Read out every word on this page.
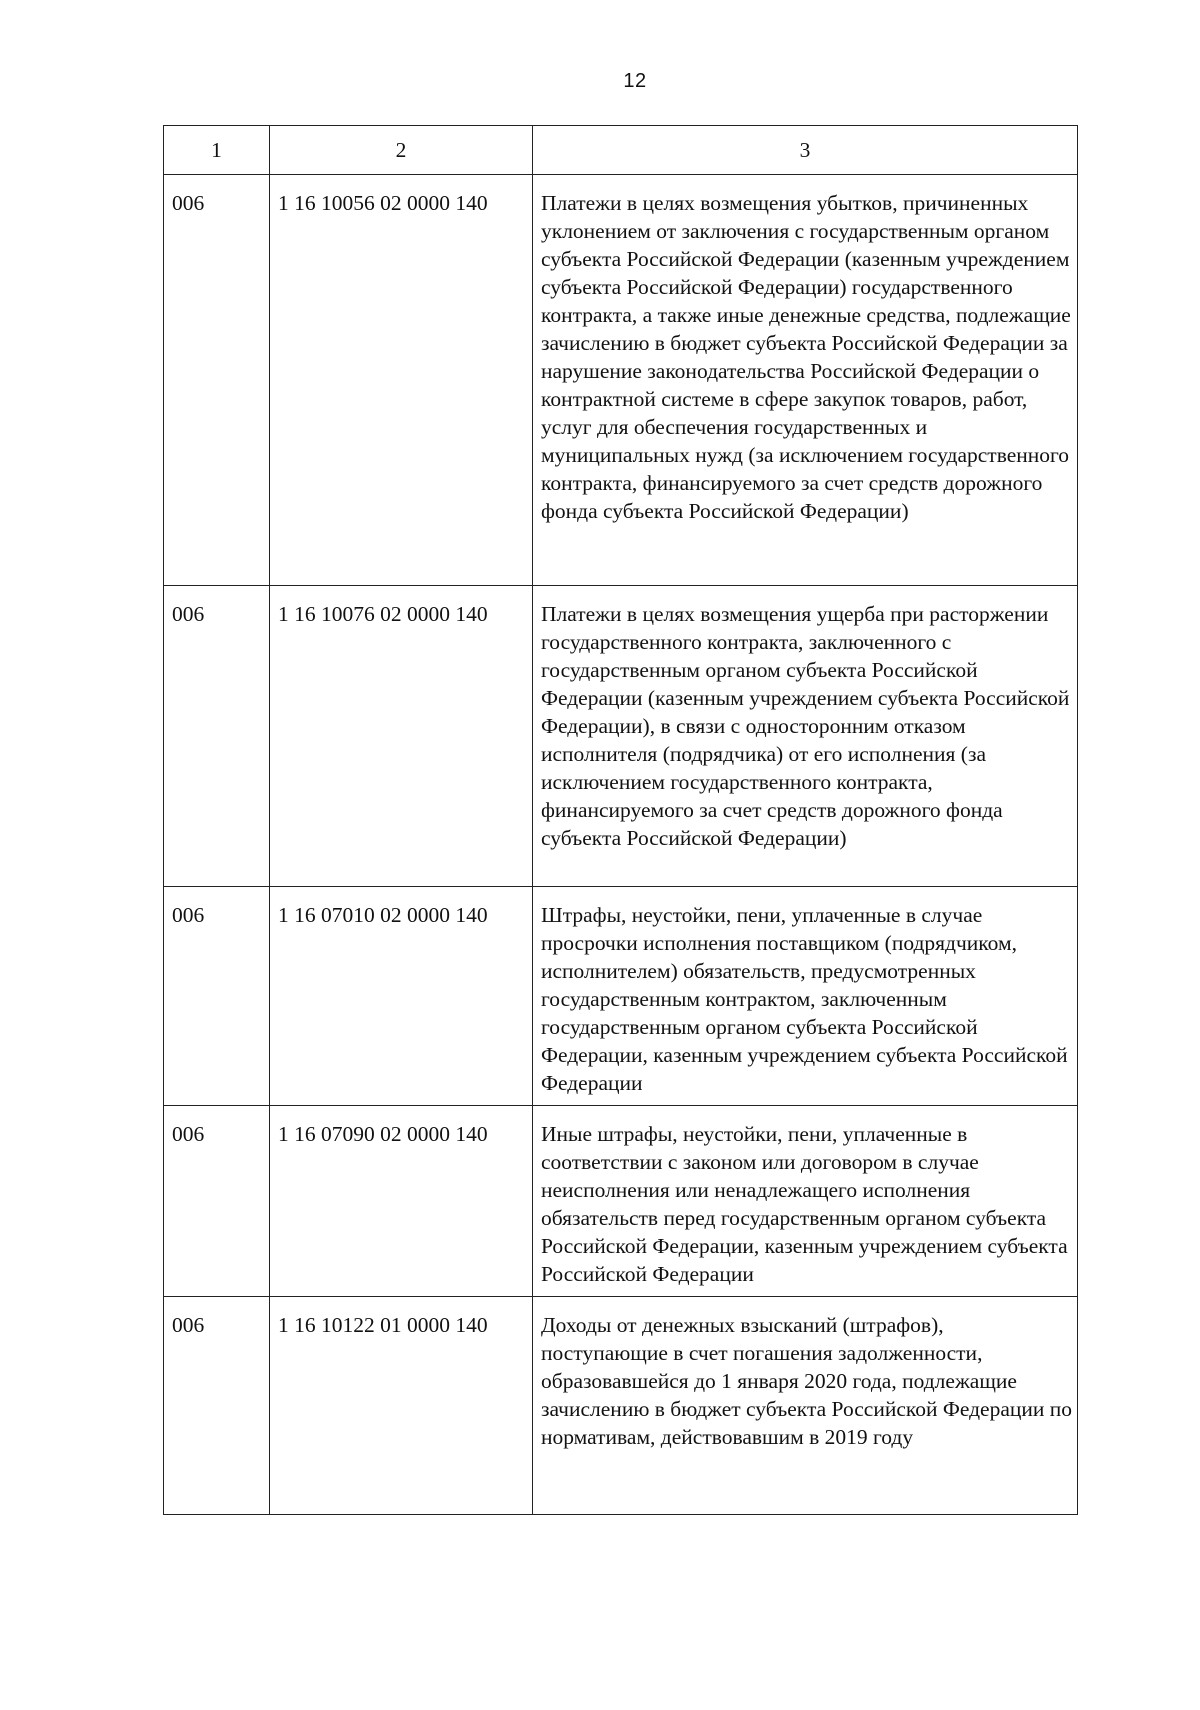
12
1	2	3
006	1 16 10056 02 0000 140	Платежи в целях возмещения убытков, причиненных уклонением от заключения с государственным органом субъекта Российской Федерации (казенным учреждением субъекта Российской Федерации) государственного контракта, а также иные денежные средства, подлежащие зачислению в бюджет субъекта Российской Федерации за нарушение законодательства Российской Федерации о контрактной системе в сфере закупок товаров, работ, услуг для обеспечения государственных и муниципальных нужд (за исключением государственного контракта, финансируемого за счет средств дорожного фонда субъекта Российской Федерации)
006	1 16 10076 02 0000 140	Платежи в целях возмещения ущерба при расторжении государственного контракта, заключенного с государственным органом субъекта Российской Федерации (казенным учреждением субъекта Российской Федерации), в связи с односторонним отказом исполнителя (подрядчика) от его исполнения (за исключением государственного контракта, финансируемого за счет средств дорожного фонда субъекта Российской Федерации)
006	1 16 07010 02 0000 140	Штрафы, неустойки, пени, уплаченные в случае просрочки исполнения поставщиком (подрядчиком, исполнителем) обязательств, предусмотренных государственным контрактом, заключенным государственным органом субъекта Российской Федерации, казенным учреждением субъекта Российской Федерации
006	1 16 07090 02 0000 140	Иные штрафы, неустойки, пени, уплаченные в соответствии с законом или договором в случае неисполнения или ненадлежащего исполнения обязательств перед государственным органом субъекта Российской Федерации, казенным учреждением субъекта Российской Федерации
006	1 16 10122 01 0000 140	Доходы от денежных взысканий (штрафов), поступающие в счет погашения задолженности, образовавшейся до 1 января 2020 года, подлежащие зачислению в бюджет субъекта Российской Федерации по нормативам, действовавшим в 2019 году
